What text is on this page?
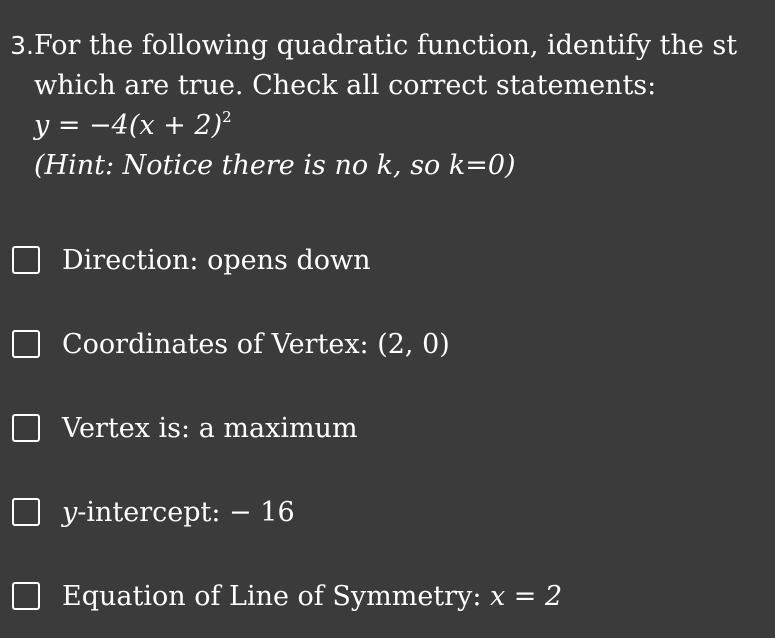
3.For the following quadratic function, identify the st
which are true. Check all correct statements:
$y = -4(x + 2)^2$
(Hint: Notice there is no k, so k=0)
Direction: opens down
Coordinates of Vertex: (2, 0)
Vertex is: a maximum
y-intercept: − 16
Equation of Line of Symmetry: x = 2
